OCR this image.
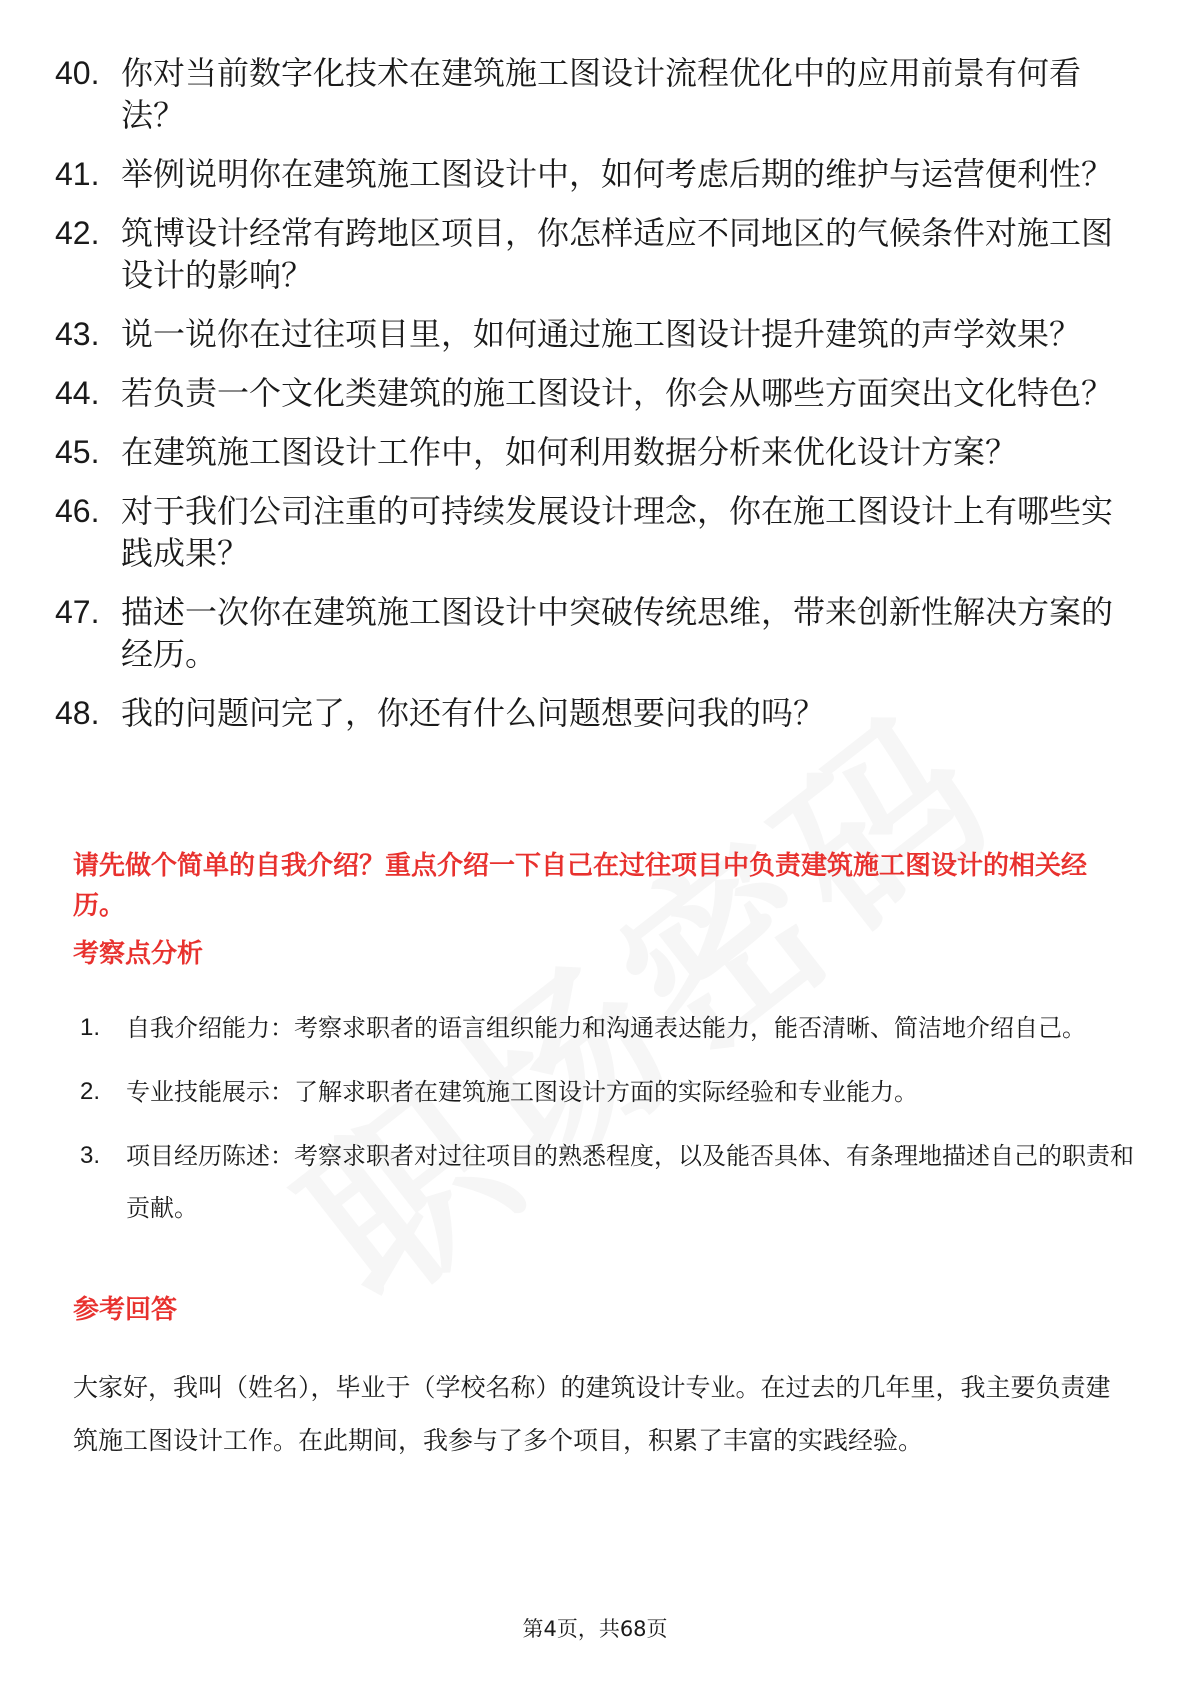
40. 你对当前数字化技术在建筑施工图设计流程优化中的应用前景有何看法？
41. 举例说明你在建筑施工图设计中，如何考虑后期的维护与运营便利性？
42. 筑博设计经常有跨地区项目，你怎样适应不同地区的气候条件对施工图设计的影响？
43. 说一说你在过往项目里，如何通过施工图设计提升建筑的声学效果？
44. 若负责一个文化类建筑的施工图设计，你会从哪些方面突出文化特色？
45. 在建筑施工图设计工作中，如何利用数据分析来优化设计方案？
46. 对于我们公司注重的可持续发展设计理念，你在施工图设计上有哪些实践成果？
47. 描述一次你在建筑施工图设计中突破传统思维，带来创新性解决方案的经历。
48. 我的问题问完了，你还有什么问题想要问我的吗？
请先做个简单的自我介绍？重点介绍一下自己在过往项目中负责建筑施工图设计的相关经历。
考察点分析
1.	自我介绍能力：考察求职者的语言组织能力和沟通表达能力，能否清晰、简洁地介绍自己。
2.	专业技能展示：了解求职者在建筑施工图设计方面的实际经验和专业能力。
3.	项目经历陈述：考察求职者对过往项目的熟悉程度，以及能否具体、有条理地描述自己的职责和贡献。
参考回答
大家好，我叫（姓名），毕业于（学校名称）的建筑设计专业。在过去的几年里，我主要负责建筑施工图设计工作。在此期间，我参与了多个项目，积累了丰富的实践经验。
第4页，共68页
